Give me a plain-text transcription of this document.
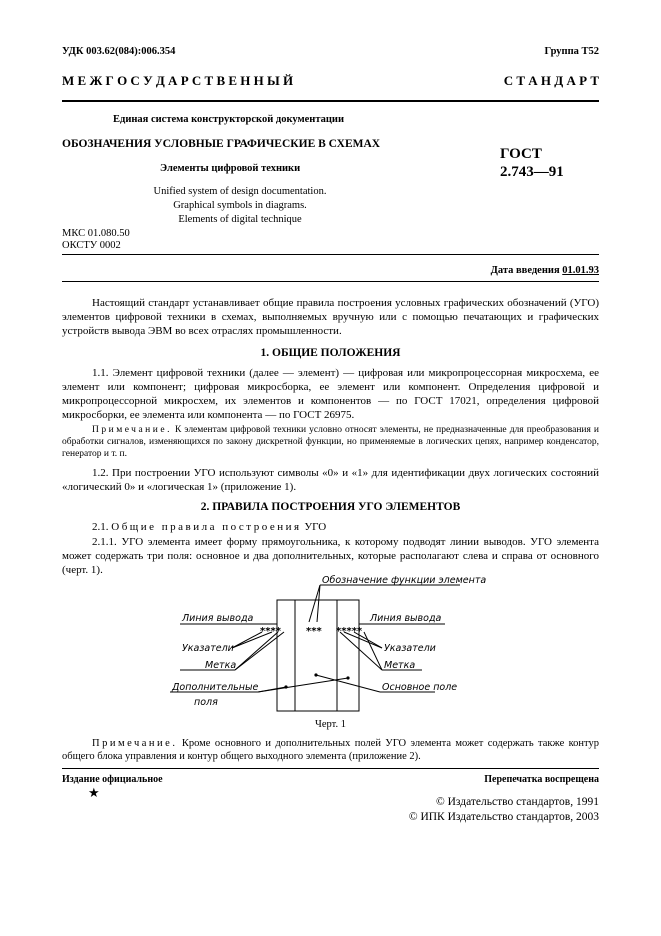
УДК 003.62(084):006.354	Группа Т52
М Е Ж Г О С У Д А Р С Т В Е Н Н Ы Й	С Т А Н Д А Р Т
Единая система конструкторской документации
ОБОЗНАЧЕНИЯ УСЛОВНЫЕ ГРАФИЧЕСКИЕ В СХЕМАХ
Элементы цифровой техники
Unified system of design documentation.
Graphical symbols in diagrams.
Elements of digital technique
ГОСТ
2.743—91
МКС 01.080.50
ОКСТУ 0002
Дата введения 01.01.93
Настоящий стандарт устанавливает общие правила построения условных графических обозначений (УГО) элементов цифровой техники в схемах, выполняемых вручную или с помощью печатающих и графических устройств вывода ЭВМ во всех отраслях промышленности.
1. ОБЩИЕ ПОЛОЖЕНИЯ
1.1. Элемент цифровой техники (далее — элемент) — цифровая или микропроцессорная микросхема, ее элемент или компонент; цифровая микросборка, ее элемент или компонент. Определения цифровой и микропроцессорной микросхем, их элементов и компонентов — по ГОСТ 17021, определения цифровой микросборки, ее элемента или компонента — по ГОСТ 26975.
Примечание. К элементам цифровой техники условно относят элементы, не предназначенные для преобразования и обработки сигналов, изменяющихся по закону дискретной функции, но применяемые в логических цепях, например конденсатор, генератор и т. п.
1.2. При построении УГО используют символы «0» и «1» для идентификации двух логических состояний «логический 0» и «логическая 1» (приложение 1).
2. ПРАВИЛА ПОСТРОЕНИЯ УГО ЭЛЕМЕНТОВ
2.1. Общие правила построения УГО
2.1.1. УГО элемента имеет форму прямоугольника, к которому подводят линии выводов. УГО элемента может содержать три поля: основное и два дополнительных, которые располагают слева и справа от основного (черт. 1).
****	*** *****
Обозначение функции элемента
Линия вывода	Линия вывода
Указатели	Указатели
Метка	Метка
Дополнительные
поля
Основное поле
Черт. 1
Примечание. Кроме основного и дополнительных полей УГО элемента может содержать также контур общего блока управления и контур общего выходного элемента (приложение 2).
Издание официальное	Перепечатка воспрещена
★
© Издательство стандартов, 1991
© ИПК Издательство стандартов, 2003
